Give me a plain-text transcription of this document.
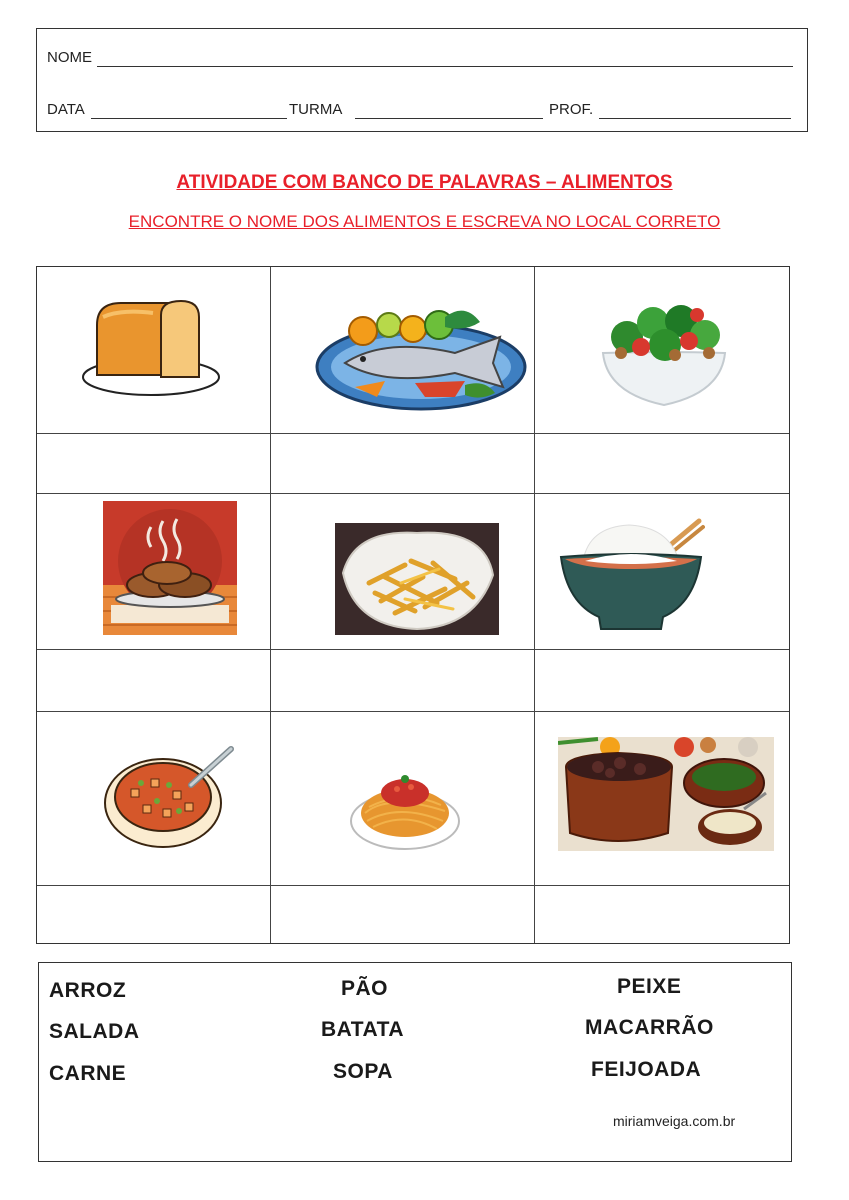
NOME
DATA	TURMA	PROF.
ATIVIDADE COM BANCO DE PALAVRAS – ALIMENTOS
ENCONTRE O NOME DOS ALIMENTOS E ESCREVA NO LOCAL CORRETO
ARROZ	PÃO	PEIXE
SALADA	BATATA	MACARRÃO
CARNE	SOPA	FEIJOADA
miriamveiga.com.br
